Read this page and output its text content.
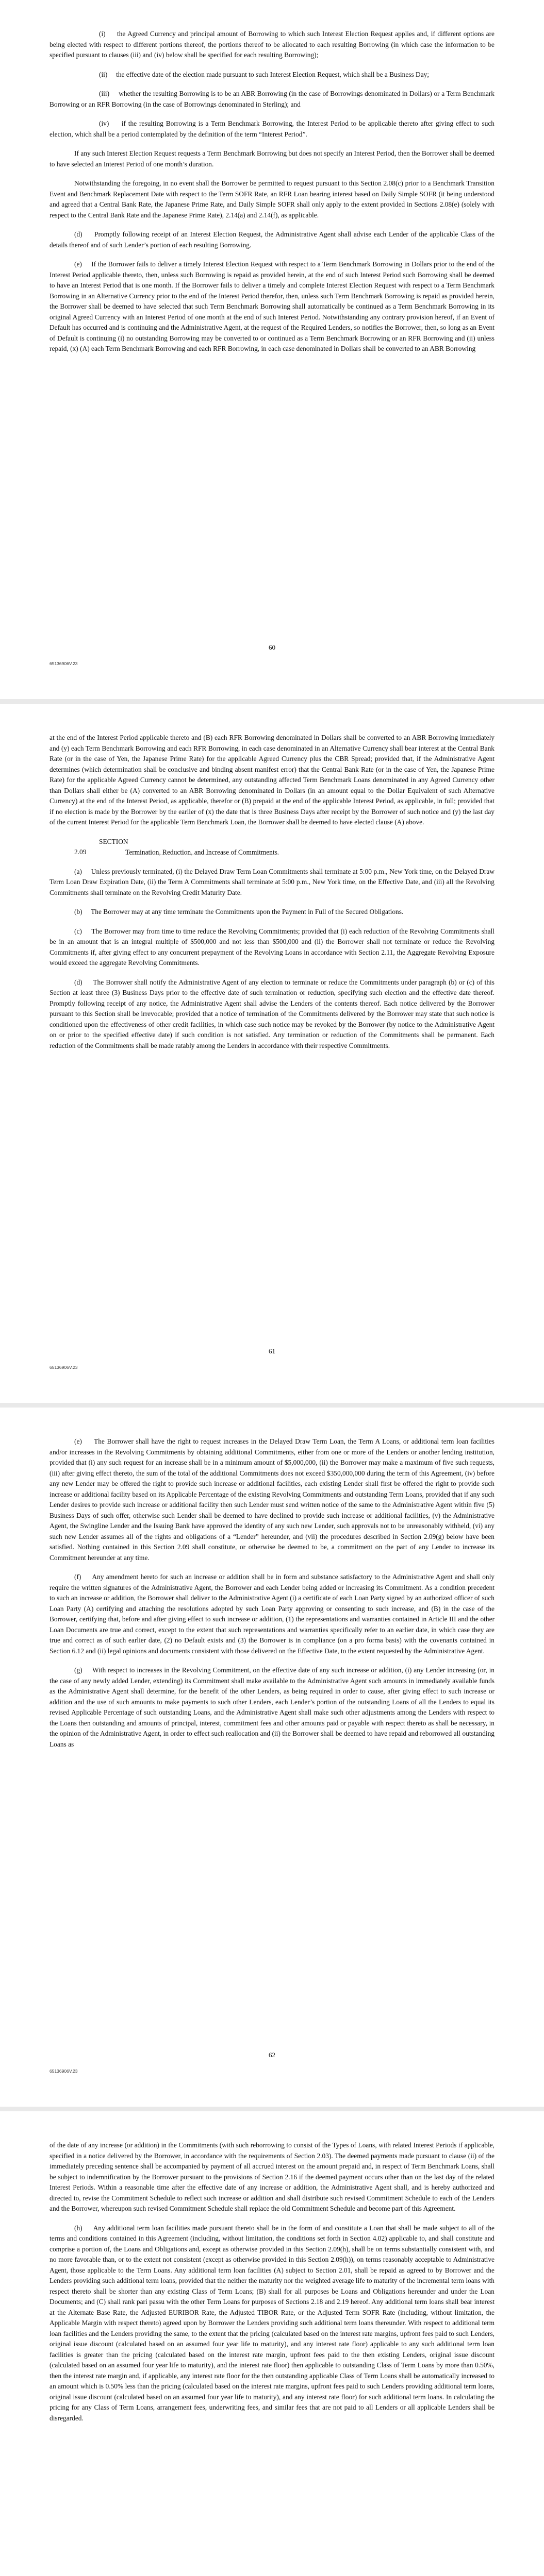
(i)     the Agreed Currency and principal amount of Borrowing to which such Interest Election Request applies and, if different options are being elected with respect to different portions thereof, the portions thereof to be allocated to each resulting Borrowing (in which case the information to be specified pursuant to clauses (iii) and (iv) below shall be specified for each resulting Borrowing);

(ii)     the effective date of the election made pursuant to such Interest Election Request, which shall be a Business Day;

(iii)     whether the resulting Borrowing is to be an ABR Borrowing (in the case of Borrowings denominated in Dollars) or a Term Benchmark Borrowing or an RFR Borrowing (in the case of Borrowings denominated in Sterling); and

(iv)     if the resulting Borrowing is a Term Benchmark Borrowing, the Interest Period to be applicable thereto after giving effect to such election, which shall be a period contemplated by the definition of the term “Interest Period”.

If any such Interest Election Request requests a Term Benchmark Borrowing but does not specify an Interest Period, then the Borrower shall be deemed to have selected an Interest Period of one month’s duration.

Notwithstanding the foregoing, in no event shall the Borrower be permitted to request pursuant to this Section 2.08(c) prior to a Benchmark Transition Event and Benchmark Replacement Date with respect to the Term SOFR Rate, an RFR Loan bearing interest based on Daily Simple SOFR (it being understood and agreed that a Central Bank Rate, the Japanese Prime Rate, and Daily Simple SOFR shall only apply to the extent provided in Sections 2.08(e) (solely with respect to the Central Bank Rate and the Japanese Prime Rate), 2.14(a) and 2.14(f), as applicable.

(d)     Promptly following receipt of an Interest Election Request, the Administrative Agent shall advise each Lender of the applicable Class of the details thereof and of such Lender’s portion of each resulting Borrowing.

(e)     If the Borrower fails to deliver a timely Interest Election Request with respect to a Term Benchmark Borrowing in Dollars prior to the end of the Interest Period applicable thereto, then, unless such Borrowing is repaid as provided herein, at the end of such Interest Period such Borrowing shall be deemed to have an Interest Period that is one month. If the Borrower fails to deliver a timely and complete Interest Election Request with respect to a Term Benchmark Borrowing in an Alternative Currency prior to the end of the Interest Period therefor, then, unless such Term Benchmark Borrowing is repaid as provided herein, the Borrower shall be deemed to have selected that such Term Benchmark Borrowing shall automatically be continued as a Term Benchmark Borrowing in its original Agreed Currency with an Interest Period of one month at the end of such Interest Period. Notwithstanding any contrary provision hereof, if an Event of Default has occurred and is continuing and the Administrative Agent, at the request of the Required Lenders, so notifies the Borrower, then, so long as an Event of Default is continuing (i) no outstanding Borrowing may be converted to or continued as a Term Benchmark Borrowing or an RFR Borrowing and (ii) unless repaid, (x) (A) each Term Benchmark Borrowing and each RFR Borrowing, in each case denominated in Dollars shall be converted to an ABR Borrowing

60
65136906V.23

at the end of the Interest Period applicable thereto and (B) each RFR Borrowing denominated in Dollars shall be converted to an ABR Borrowing immediately and (y) each Term Benchmark Borrowing and each RFR Borrowing, in each case denominated in an Alternative Currency shall bear interest at the Central Bank Rate (or in the case of Yen, the Japanese Prime Rate) for the applicable Agreed Currency plus the CBR Spread; provided that, if the Administrative Agent determines (which determination shall be conclusive and binding absent manifest error) that the Central Bank Rate (or in the case of Yen, the Japanese Prime Rate) for the applicable Agreed Currency cannot be determined, any outstanding affected Term Benchmark Loans denominated in any Agreed Currency other than Dollars shall either be (A) converted to an ABR Borrowing denominated in Dollars (in an amount equal to the Dollar Equivalent of such Alternative Currency) at the end of the Interest Period, as applicable, therefor or (B) prepaid at the end of the applicable Interest Period, as applicable, in full; provided that if no election is made by the Borrower by the earlier of (x) the date that is three Business Days after receipt by the Borrower of such notice and (y) the last day of the current Interest Period for the applicable Term Benchmark Loan, the Borrower shall be deemed to have elected clause (A) above.

SECTION 2.09	Termination, Reduction, and Increase of Commitments.

(a)     Unless previously terminated, (i) the Delayed Draw Term Loan Commitments shall terminate at 5:00 p.m., New York time, on the Delayed Draw Term Loan Draw Expiration Date, (ii) the Term A Commitments shall terminate at 5:00 p.m., New York time, on the Effective Date, and (iii) all the Revolving Commitments shall terminate on the Revolving Credit Maturity Date.

(b)     The Borrower may at any time terminate the Commitments upon the Payment in Full of the Secured Obligations.

(c)     The Borrower may from time to time reduce the Revolving Commitments; provided that (i) each reduction of the Revolving Commitments shall be in an amount that is an integral multiple of $500,000 and not less than $500,000 and (ii) the Borrower shall not terminate or reduce the Revolving Commitments if, after giving effect to any concurrent prepayment of the Revolving Loans in accordance with Section 2.11, the Aggregate Revolving Exposure would exceed the aggregate Revolving Commitments.

(d)     The Borrower shall notify the Administrative Agent of any election to terminate or reduce the Commitments under paragraph (b) or (c) of this Section at least three (3) Business Days prior to the effective date of such termination or reduction, specifying such election and the effective date thereof. Promptly following receipt of any notice, the Administrative Agent shall advise the Lenders of the contents thereof. Each notice delivered by the Borrower pursuant to this Section shall be irrevocable; provided that a notice of termination of the Commitments delivered by the Borrower may state that such notice is conditioned upon the effectiveness of other credit facilities, in which case such notice may be revoked by the Borrower (by notice to the Administrative Agent on or prior to the specified effective date) if such condition is not satisfied. Any termination or reduction of the Commitments shall be permanent. Each reduction of the Commitments shall be made ratably among the Lenders in accordance with their respective Commitments.

61
65136906V.23

(e)     The Borrower shall have the right to request increases in the Delayed Draw Term Loan, the Term A Loans, or additional term loan facilities and/or increases in the Revolving Commitments by obtaining additional Commitments, either from one or more of the Lenders or another lending institution, provided that (i) any such request for an increase shall be in a minimum amount of $5,000,000, (ii) the Borrower may make a maximum of five such requests, (iii) after giving effect thereto, the sum of the total of the additional Commitments does not exceed $350,000,000 during the term of this Agreement, (iv) before any new Lender may be offered the right to provide such increase or additional facilities, each existing Lender shall first be offered the right to provide such increase or additional facility based on its Applicable Percentage of the existing Revolving Commitments and outstanding Term Loans, provided that if any such Lender desires to provide such increase or additional facility then such Lender must send written notice of the same to the Administrative Agent within five (5) Business Days of such offer, otherwise such Lender shall be deemed to have declined to provide such increase or additional facilities, (v) the Administrative Agent, the Swingline Lender and the Issuing Bank have approved the identity of any such new Lender, such approvals not to be unreasonably withheld, (vi) any such new Lender assumes all of the rights and obligations of a “Lender” hereunder, and (vii) the procedures described in Section 2.09(g) below have been satisfied. Nothing contained in this Section 2.09 shall constitute, or otherwise be deemed to be, a commitment on the part of any Lender to increase its Commitment hereunder at any time.

(f)     Any amendment hereto for such an increase or addition shall be in form and substance satisfactory to the Administrative Agent and shall only require the written signatures of the Administrative Agent, the Borrower and each Lender being added or increasing its Commitment. As a condition precedent to such an increase or addition, the Borrower shall deliver to the Administrative Agent (i) a certificate of each Loan Party signed by an authorized officer of such Loan Party (A) certifying and attaching the resolutions adopted by such Loan Party approving or consenting to such increase, and (B) in the case of the Borrower, certifying that, before and after giving effect to such increase or addition, (1) the representations and warranties contained in Article III and the other Loan Documents are true and correct, except to the extent that such representations and warranties specifically refer to an earlier date, in which case they are true and correct as of such earlier date, (2) no Default exists and (3) the Borrower is in compliance (on a pro forma basis) with the covenants contained in Section 6.12 and (ii) legal opinions and documents consistent with those delivered on the Effective Date, to the extent requested by the Administrative Agent.

(g)     With respect to increases in the Revolving Commitment, on the effective date of any such increase or addition, (i) any Lender increasing (or, in the case of any newly added Lender, extending) its Commitment shall make available to the Administrative Agent such amounts in immediately available funds as the Administrative Agent shall determine, for the benefit of the other Lenders, as being required in order to cause, after giving effect to such increase or addition and the use of such amounts to make payments to such other Lenders, each Lender’s portion of the outstanding Loans of all the Lenders to equal its revised Applicable Percentage of such outstanding Loans, and the Administrative Agent shall make such other adjustments among the Lenders with respect to the Loans then outstanding and amounts of principal, interest, commitment fees and other amounts paid or payable with respect thereto as shall be necessary, in the opinion of the Administrative Agent, in order to effect such reallocation and (ii) the Borrower shall be deemed to have repaid and reborrowed all outstanding Loans as

62
65136906V.23

of the date of any increase (or addition) in the Commitments (with such reborrowing to consist of the Types of Loans, with related Interest Periods if applicable, specified in a notice delivered by the Borrower, in accordance with the requirements of Section 2.03). The deemed payments made pursuant to clause (ii) of the immediately preceding sentence shall be accompanied by payment of all accrued interest on the amount prepaid and, in respect of Term Benchmark Loans, shall be subject to indemnification by the Borrower pursuant to the provisions of Section 2.16 if the deemed payment occurs other than on the last day of the related Interest Periods. Within a reasonable time after the effective date of any increase or addition, the Administrative Agent shall, and is hereby authorized and directed to, revise the Commitment Schedule to reflect such increase or addition and shall distribute such revised Commitment Schedule to each of the Lenders and the Borrower, whereupon such revised Commitment Schedule shall replace the old Commitment Schedule and become part of this Agreement.

(h)     Any additional term loan facilities made pursuant thereto shall be in the form of and constitute a Loan that shall be made subject to all of the terms and conditions contained in this Agreement (including, without limitation, the conditions set forth in Section 4.02) applicable to, and shall constitute and comprise a portion of, the Loans and Obligations and, except as otherwise provided in this Section 2.09(h), shall be on terms substantially consistent with, and no more favorable than, or to the extent not consistent (except as otherwise provided in this Section 2.09(h)), on terms reasonably acceptable to Administrative Agent, those applicable to the Term Loans. Any additional term loan facilities (A) subject to Section 2.01, shall be repaid as agreed to by Borrower and the Lenders providing such additional term loans, provided that the neither the maturity nor the weighted average life to maturity of the incremental term loans with respect thereto shall be shorter than any existing Class of Term Loans; (B) shall for all purposes be Loans and Obligations hereunder and under the Loan Documents; and (C) shall rank pari passu with the other Term Loans for purposes of Sections 2.18 and 2.19 hereof. Any additional term loans shall bear interest at the Alternate Base Rate, the Adjusted EURIBOR Rate, the Adjusted TIBOR Rate, or the Adjusted Term SOFR Rate (including, without limitation, the Applicable Margin with respect thereto) agreed upon by Borrower the Lenders providing such additional term loans thereunder. With respect to additional term loan facilities and the Lenders providing the same, to the extent that the pricing (calculated based on the interest rate margins, upfront fees paid to such Lenders, original issue discount (calculated based on an assumed four year life to maturity), and any interest rate floor) applicable to any such additional term loan facilities is greater than the pricing (calculated based on the interest rate margin, upfront fees paid to the then existing Lenders, original issue discount (calculated based on an assumed four year life to maturity), and the interest rate floor) then applicable to outstanding Class of Term Loans by more than 0.50%, then the interest rate margin and, if applicable, any interest rate floor for the then outstanding applicable Class of Term Loans shall be automatically increased to an amount which is 0.50% less than the pricing (calculated based on the interest rate margins, upfront fees paid to such Lenders providing additional term loans, original issue discount (calculated based on an assumed four year life to maturity), and any interest rate floor) for such additional term loans. In calculating the pricing for any Class of Term Loans, arrangement fees, underwriting fees, and similar fees that are not paid to all Lenders or all applicable Lenders shall be disregarded.
